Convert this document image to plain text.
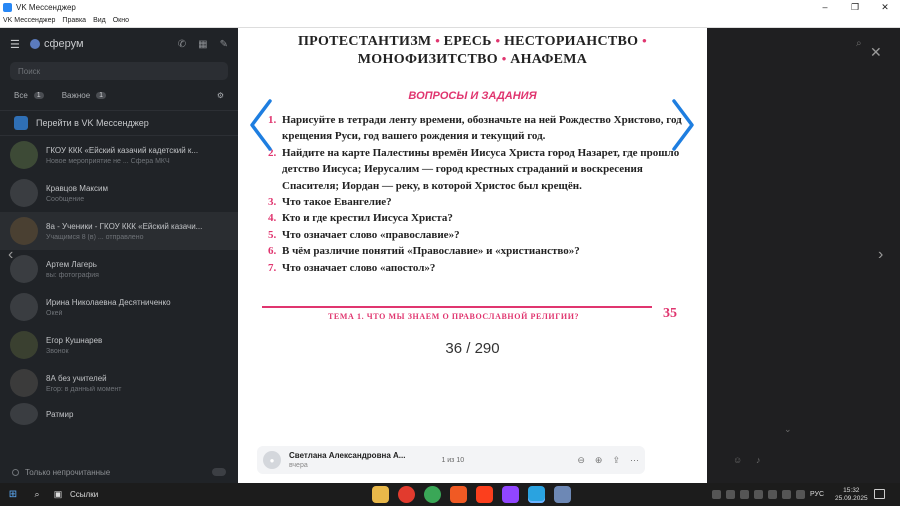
VK Мессенджер	–	❐	✕
VK Мессенджер Правка Вид Окно
☰ сферум	✆ ▦ ✎
Поиск
Все	1	Важное	1	⚙
Перейти в VK Мессенджер
ГКОУ ККК «Ейский казачий кадетский к...
Новое мероприятие не ... Сфера МКЧ
Кравцов Максим
Сообщение
8а - Ученики - ГКОУ ККК «Ейский казачи...
Учащимся 8 (в) ... отправлено
Артем Лагерь
вы: фотография
Ирина Николаевна Десятниченко
Окей
Егор Кушнарев
Звонок
8А без учителей
Егор: в данный момент
Ратмир
Только непрочитанные
⌕
⌄
☺ ♪
✕
›
‹
ПРОТЕСТАНТИЗМ • ЕРЕСЬ • НЕСТОРИАНСТВО •
МОНОФИЗИТСТВО • АНАФЕМА
ВОПРОСЫ И ЗАДАНИЯ
1. Нарисуйте в тетради ленту времени, обозначьте на ней Рождество Христово, год крещения Руси, год вашего рождения и текущий год.
2. Найдите на карте Палестины времён Иисуса Христа город Назарет, где прошло детство Иисуса; Иерусалим — город крестных страданий и воскресения Спасителя; Иордан — реку, в которой Христос был крещён.
3. Что такое Евангелие?
4. Кто и где крестил Иисуса Христа?
5. Что означает слово «православие»?
6. В чём различие понятий «Православие» и «христианство»?
7. Что означает слово «апостол»?
ТЕМА 1. ЧТО МЫ ЗНАЕМ О ПРАВОСЛАВНОЙ РЕЛИГИИ?	35
36 / 290
●	Светлана Александровна А...
вчера
1 из 10	⊖ ⊕ ⇪ ⋯
⊞	⌕	▣ Ссылки	РУС
15:32
25.09.2025
